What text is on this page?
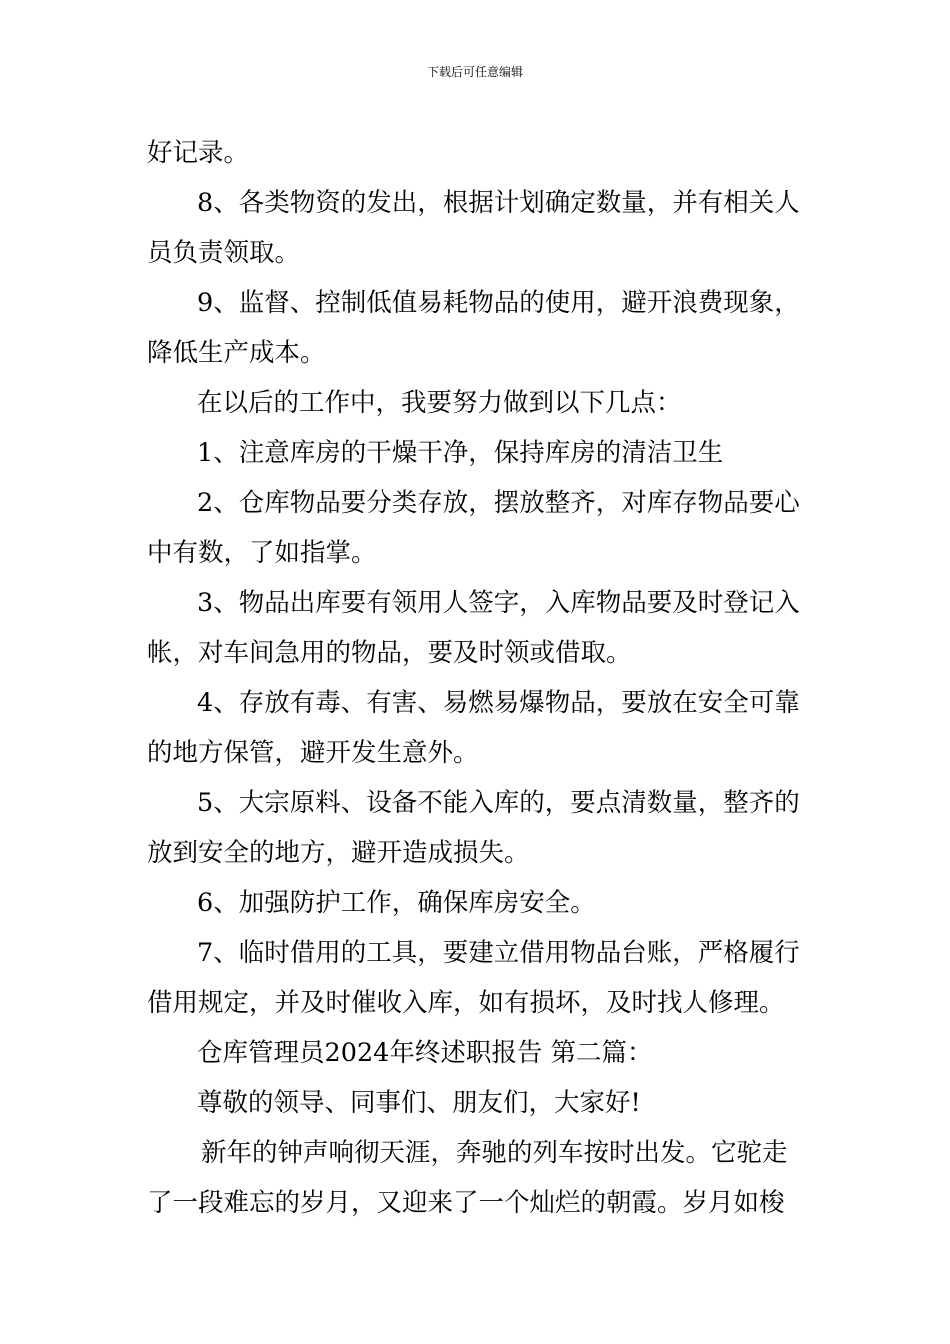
下载后可任意编辑
好记录。
8、各类物资的发出，根据计划确定数量，并有相关人
员负责领取。
9、监督、控制低值易耗物品的使用，避开浪费现象，
降低生产成本。
在以后的工作中，我要努力做到以下几点：
1、注意库房的干燥干净，保持库房的清洁卫生
2、仓库物品要分类存放，摆放整齐，对库存物品要心
中有数，了如指掌。
3、物品出库要有领用人签字，入库物品要及时登记入
帐，对车间急用的物品，要及时领或借取。
4、存放有毒、有害、易燃易爆物品，要放在安全可靠
的地方保管，避开发生意外。
5、大宗原料、设备不能入库的，要点清数量，整齐的
放到安全的地方，避开造成损失。
6、加强防护工作，确保库房安全。
7、临时借用的工具，要建立借用物品台账，严格履行
借用规定，并及时催收入库，如有损坏，及时找人修理。
仓库管理员2024年终述职报告 第二篇：
尊敬的领导、同事们、朋友们，大家好!
新年的钟声响彻天涯，奔驰的列车按时出发。它驼走
了一段难忘的岁月，又迎来了一个灿烂的朝霞。岁月如梭
